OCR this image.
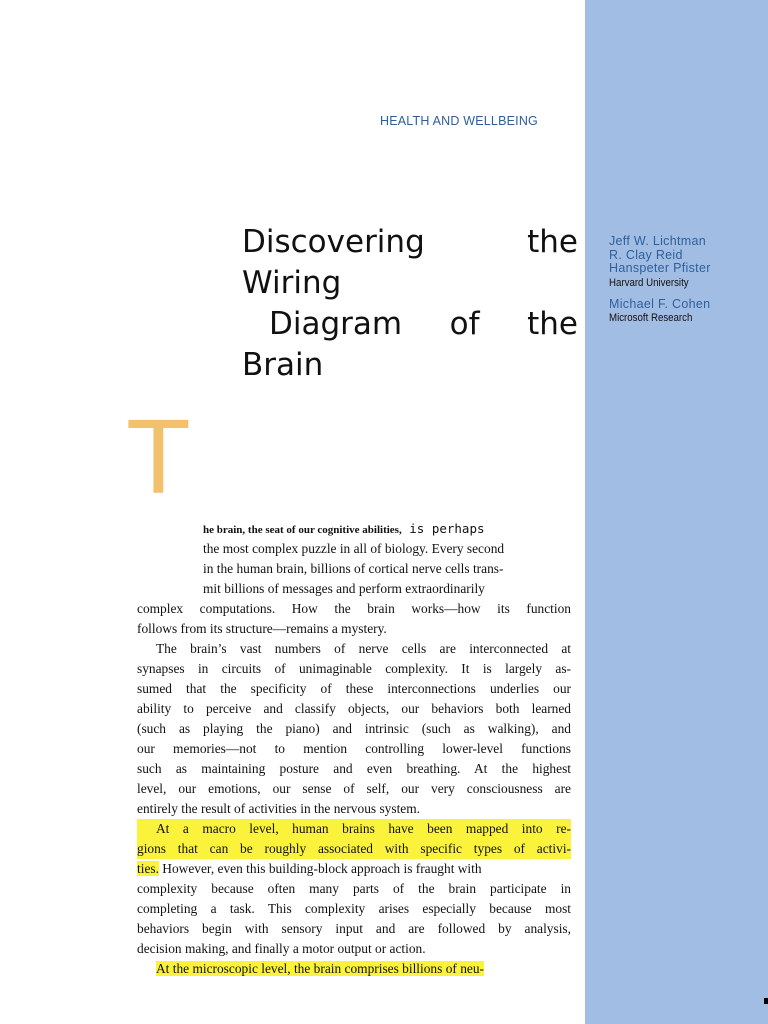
HEALTH AND WELLBEING
Discovering	the
Wiring
Diagram of the
Brain
Jeff W. Lichtman
R. Clay Reid
Hanspeter Pfister
Harvard University
Michael F. Cohen
Microsoft Research
T
he brain, the seat of our cognitive abilities, is perhaps
the most complex puzzle in all of biology. Every second
in the human brain, billions of cortical nerve cells trans-
mit billions of messages and perform extraordinarily
complex computations. How the brain works—how its function
follows from its structure—remains a mystery.
The brain’s vast numbers of nerve cells are interconnected at
synapses in circuits of unimaginable complexity. It is largely as-
sumed that the specificity of these interconnections underlies our
ability to perceive and classify objects, our behaviors both learned
(such as playing the piano) and intrinsic (such as walking), and
our memories—not to mention controlling lower-level functions
such as maintaining posture and even breathing. At the highest
level, our emotions, our sense of self, our very consciousness are
entirely the result of activities in the nervous system.
At a macro level, human brains have been mapped into re-
gions that can be roughly associated with specific types of activi-
ties. However, even this building-block approach is fraught with
complexity because often many parts of the brain participate in
completing a task. This complexity arises especially because most
behaviors begin with sensory input and are followed by analysis,
decision making, and finally a motor output or action.
At the microscopic level, the brain comprises billions of neu-
